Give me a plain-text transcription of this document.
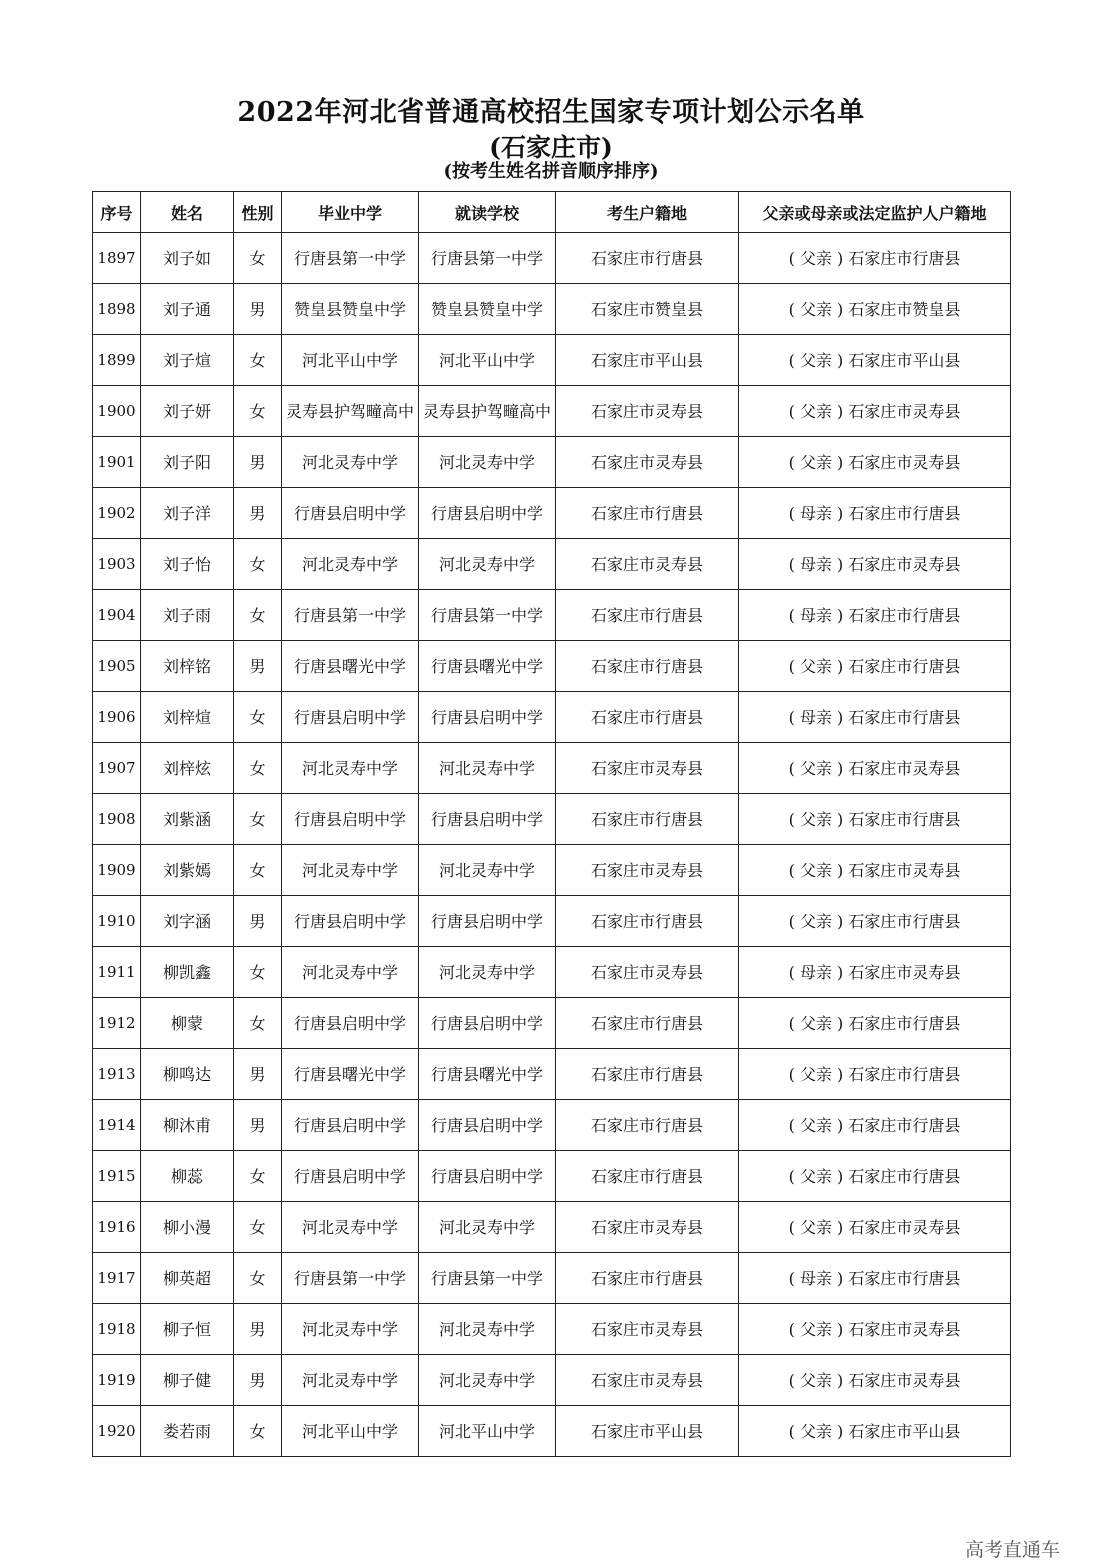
2022年河北省普通高校招生国家专项计划公示名单
(石家庄市)
(按考生姓名拼音顺序排序)
序号	姓名	性别	毕业中学	就读学校	考生户籍地	父亲或母亲或法定监护人户籍地
1897	刘子如	女	行唐县第一中学	行唐县第一中学	石家庄市行唐县	( 父亲 ) 石家庄市行唐县
1898	刘子通	男	赞皇县赞皇中学	赞皇县赞皇中学	石家庄市赞皇县	( 父亲 ) 石家庄市赞皇县
1899	刘子煊	女	河北平山中学	河北平山中学	石家庄市平山县	( 父亲 ) 石家庄市平山县
1900	刘子妍	女	灵寿县护驾疃高中	灵寿县护驾疃高中	石家庄市灵寿县	( 父亲 ) 石家庄市灵寿县
1901	刘子阳	男	河北灵寿中学	河北灵寿中学	石家庄市灵寿县	( 父亲 ) 石家庄市灵寿县
1902	刘子洋	男	行唐县启明中学	行唐县启明中学	石家庄市行唐县	( 母亲 ) 石家庄市行唐县
1903	刘子怡	女	河北灵寿中学	河北灵寿中学	石家庄市灵寿县	( 母亲 ) 石家庄市灵寿县
1904	刘子雨	女	行唐县第一中学	行唐县第一中学	石家庄市行唐县	( 母亲 ) 石家庄市行唐县
1905	刘梓铭	男	行唐县曙光中学	行唐县曙光中学	石家庄市行唐县	( 父亲 ) 石家庄市行唐县
1906	刘梓煊	女	行唐县启明中学	行唐县启明中学	石家庄市行唐县	( 母亲 ) 石家庄市行唐县
1907	刘梓炫	女	河北灵寿中学	河北灵寿中学	石家庄市灵寿县	( 父亲 ) 石家庄市灵寿县
1908	刘紫涵	女	行唐县启明中学	行唐县启明中学	石家庄市行唐县	( 父亲 ) 石家庄市行唐县
1909	刘紫嫣	女	河北灵寿中学	河北灵寿中学	石家庄市灵寿县	( 父亲 ) 石家庄市灵寿县
1910	刘字涵	男	行唐县启明中学	行唐县启明中学	石家庄市行唐县	( 父亲 ) 石家庄市行唐县
1911	柳凯鑫	女	河北灵寿中学	河北灵寿中学	石家庄市灵寿县	( 母亲 ) 石家庄市灵寿县
1912	柳蒙	女	行唐县启明中学	行唐县启明中学	石家庄市行唐县	( 父亲 ) 石家庄市行唐县
1913	柳鸣达	男	行唐县曙光中学	行唐县曙光中学	石家庄市行唐县	( 父亲 ) 石家庄市行唐县
1914	柳沐甫	男	行唐县启明中学	行唐县启明中学	石家庄市行唐县	( 父亲 ) 石家庄市行唐县
1915	柳蕊	女	行唐县启明中学	行唐县启明中学	石家庄市行唐县	( 父亲 ) 石家庄市行唐县
1916	柳小漫	女	河北灵寿中学	河北灵寿中学	石家庄市灵寿县	( 父亲 ) 石家庄市灵寿县
1917	柳英超	女	行唐县第一中学	行唐县第一中学	石家庄市行唐县	( 母亲 ) 石家庄市行唐县
1918	柳子恒	男	河北灵寿中学	河北灵寿中学	石家庄市灵寿县	( 父亲 ) 石家庄市灵寿县
1919	柳子健	男	河北灵寿中学	河北灵寿中学	石家庄市灵寿县	( 父亲 ) 石家庄市灵寿县
1920	娄若雨	女	河北平山中学	河北平山中学	石家庄市平山县	( 父亲 ) 石家庄市平山县
高考直通车
